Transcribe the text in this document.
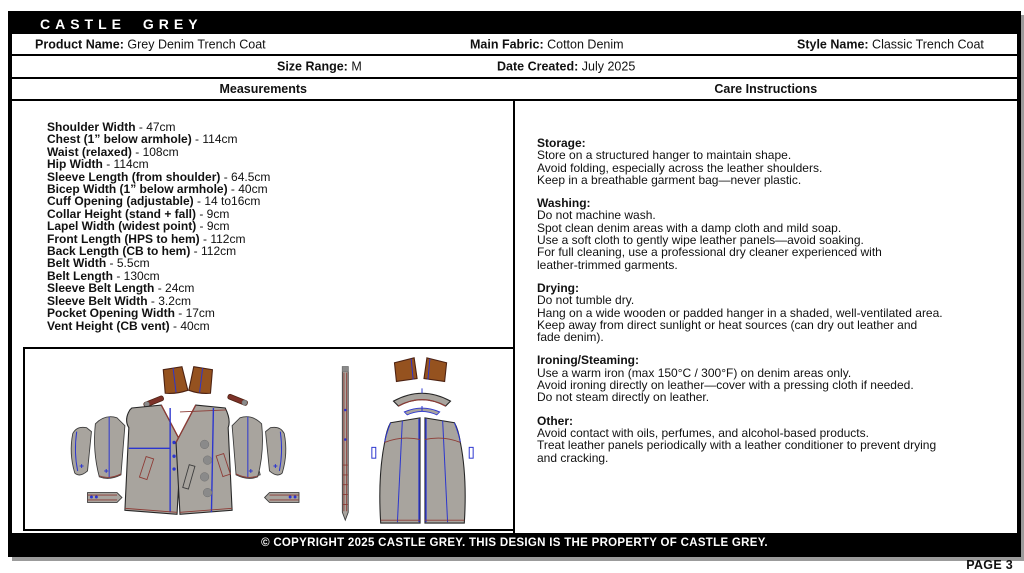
CASTLE GREY
Product Name: Grey Denim Trench Coat	Main Fabric: Cotton Denim	Style Name: Classic Trench Coat
Size Range: M	Date Created: July 2025
Measurements	Care Instructions
Shoulder Width - 47cm
Chest (1” below armhole) - 114cm
Waist (relaxed) - 108cm
Hip Width - 114cm
Sleeve Length (from shoulder) - 64.5cm
Bicep Width (1” below armhole) - 40cm
Cuff Opening (adjustable) - 14 to16cm
Collar Height (stand + fall) - 9cm
Lapel Width (widest point) - 9cm
Front Length (HPS to hem) - 112cm
Back Length (CB to hem) - 112cm
Belt Width - 5.5cm
Belt Length - 130cm
Sleeve Belt Length - 24cm
Sleeve Belt Width - 3.2cm
Pocket Opening Width - 17cm
Vent Height (CB vent) - 40cm
Storage:
Store on a structured hanger to maintain shape.
Avoid folding, especially across the leather shoulders.
Keep in a breathable garment bag—never plastic.
Washing:
Do not machine wash.
Spot clean denim areas with a damp cloth and mild soap.
Use a soft cloth to gently wipe leather panels—avoid soaking.
For full cleaning, use a professional dry cleaner experienced with
leather-trimmed garments.
Drying:
Do not tumble dry.
Hang on a wide wooden or padded hanger in a shaded, well-ventilated area.
Keep away from direct sunlight or heat sources (can dry out leather and
fade denim).
Ironing/Steaming:
Use a warm iron (max 150°C / 300°F) on denim areas only.
Avoid ironing directly on leather—cover with a pressing cloth if needed.
Do not steam directly on leather.
Other:
Avoid contact with oils, perfumes, and alcohol-based products.
Treat leather panels periodically with a leather conditioner to prevent drying
and cracking.
© COPYRIGHT 2025 CASTLE GREY. THIS DESIGN IS THE PROPERTY OF CASTLE GREY.
PAGE 3
